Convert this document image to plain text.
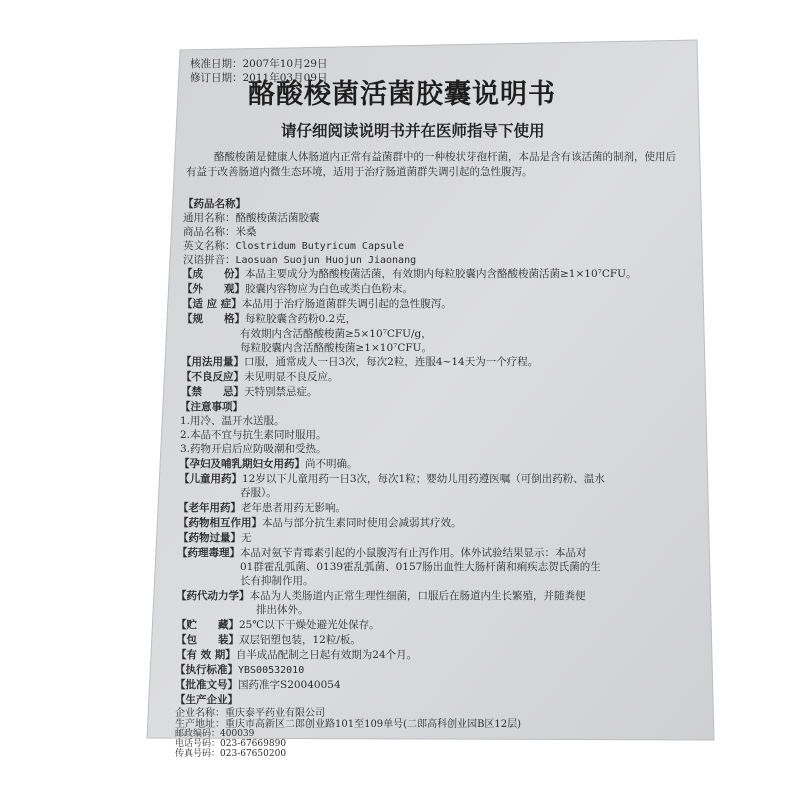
核准日期：2007年10月29日
修订日期：2011年03月09日
酪酸梭菌活菌胶囊说明书
请仔细阅读说明书并在医师指导下使用
酪酸梭菌是健康人体肠道内正常有益菌群中的一种梭状芽孢杆菌，本品是含有该活菌的制剂，使用后有益于改善肠道内微生态环境，适用于治疗肠道菌群失调引起的急性腹泻。
【药品名称】
通用名称：酪酸梭菌活菌胶囊
商品名称：米桑
英文名称：Clostridum Butyricum Capsule
汉语拼音：Laosuan Suojun Huojun Jiaonang
【成　　份】本品主要成分为酪酸梭菌活菌，有效期内每粒胶囊内含酪酸梭菌活菌≥1×10⁷CFU。
【外　　观】胶囊内容物应为白色或类白色粉末。
【适 应 症】本品用于治疗肠道菌群失调引起的急性腹泻。
【规　　格】每粒胶囊含药粉0.2克，
有效期内含活酪酸梭菌≥5×10⁷CFU/g，
每粒胶囊内含活酪酸梭菌≥1×10⁷CFU。
【用法用量】口服，通常成人一日3次，每次2粒，连服4~14天为一个疗程。
【不良反应】未见明显不良反应。
【禁　　忌】天特别禁忌症。
【注意事项】
1.用冷、温开水送服。
2.本品不宜与抗生素同时服用。
3.药物开启后应防吸潮和受热。
【孕妇及哺乳期妇女用药】尚不明确。
【儿童用药】12岁以下儿童用药一日3次，每次1粒；婴幼儿用药遵医嘱（可倒出药粉、温水
吞服）。
【老年用药】老年患者用药无影响。
【药物相互作用】本品与部分抗生素同时使用会减弱其疗效。
【药物过量】无
【药理毒理】本品对氨苄青霉素引起的小鼠腹泻有止泻作用。体外试验结果显示：本品对
01群霍乱弧菌、0139霍乱弧菌、0157肠出血性大肠杆菌和痢疾志贺氏菌的生
长有抑制作用。
【药代动力学】本品为人类肠道内正常生理性细菌，口服后在肠道内生长繁殖，并随粪便
排出体外。
【贮　　藏】25℃以下干燥处避光处保存。
【包　　装】双层铝塑包装，12粒/板。
【有 效 期】自半成品配制之日起有效期为24个月。
【执行标准】YBS00532010
【批准文号】国药准字S20040054
【生产企业】
企业名称：重庆泰平药业有限公司
生产地址：重庆市高新区二郎创业路101至109单号(二郎高科创业园B区12层)
邮政编码：400039
电话号码：023-67669890
传真号码：023-67650200
